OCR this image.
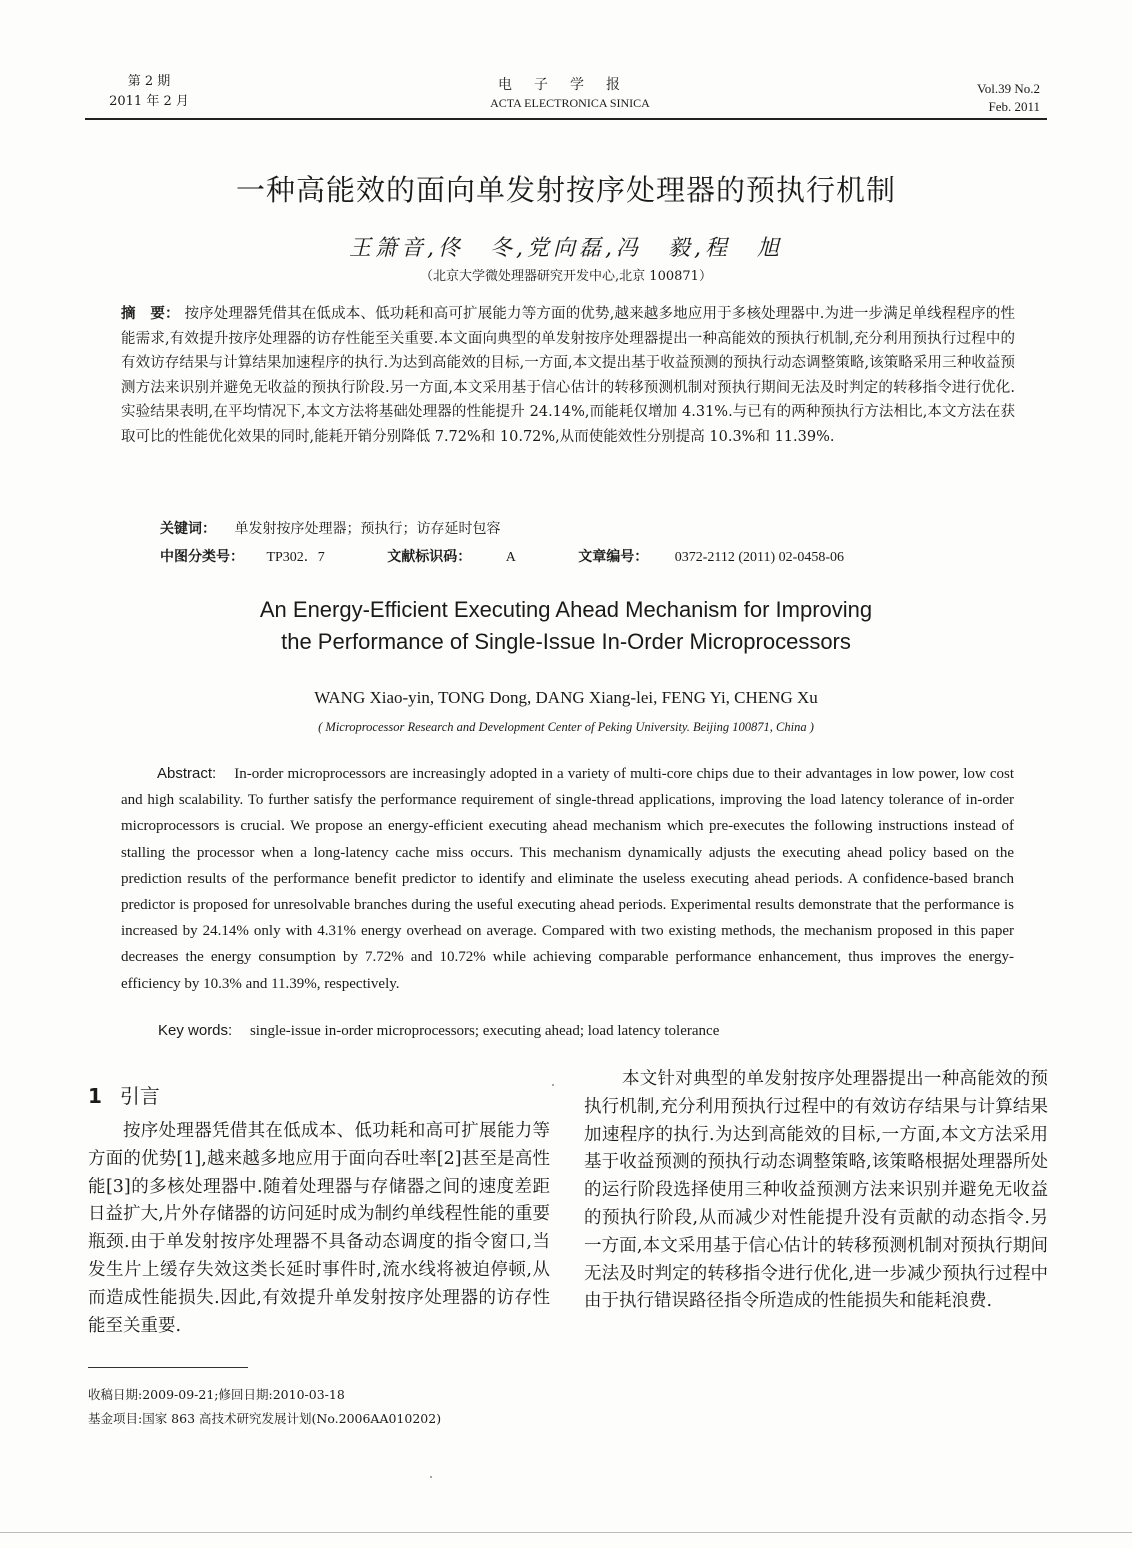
第 2 期
2011 年 2 月
电子学报
ACTA ELECTRONICA SINICA
Vol.39 No.2
Feb. 2011
一种高能效的面向单发射按序处理器的预执行机制
王箫音,佟　冬,党向磊,冯　毅,程　旭
（北京大学微处理器研究开发中心,北京 100871）
摘　要： 按序处理器凭借其在低成本、低功耗和高可扩展能力等方面的优势,越来越多地应用于多核处理器中.为进一步满足单线程程序的性能需求,有效提升按序处理器的访存性能至关重要.本文面向典型的单发射按序处理器提出一种高能效的预执行机制,充分利用预执行过程中的有效访存结果与计算结果加速程序的执行.为达到高能效的目标,一方面,本文提出基于收益预测的预执行动态调整策略,该策略采用三种收益预测方法来识别并避免无收益的预执行阶段.另一方面,本文采用基于信心估计的转移预测机制对预执行期间无法及时判定的转移指令进行优化.实验结果表明,在平均情况下,本文方法将基础处理器的性能提升 24.14%,而能耗仅增加 4.31%.与已有的两种预执行方法相比,本文方法在获取可比的性能优化效果的同时,能耗开销分别降低 7.72%和 10.72%,从而使能效性分别提高 10.3%和 11.39%.
关键词： 单发射按序处理器；预执行；访存延时包容
中图分类号： TP302．7	文献标识码： A	文章编号： 0372-2112 (2011) 02-0458-06
An Energy-Efficient Executing Ahead Mechanism for Improving
the Performance of Single-Issue In-Order Microprocessors
WANG Xiao-yin, TONG Dong, DANG Xiang-lei, FENG Yi, CHENG Xu
( Microprocessor Research and Development Center of Peking University. Beijing 100871, China )
Abstract: In-order microprocessors are increasingly adopted in a variety of multi-core chips due to their advantages in low power, low cost and high scalability. To further satisfy the performance requirement of single-thread applications, improving the load latency tolerance of in-order microprocessors is crucial. We propose an energy-efficient executing ahead mechanism which pre-executes the following instructions instead of stalling the processor when a long-latency cache miss occurs. This mechanism dynamically adjusts the executing ahead policy based on the prediction results of the performance benefit predictor to identify and eliminate the useless executing ahead periods. A confidence-based branch predictor is proposed for unresolvable branches during the useful executing ahead periods. Experimental results demonstrate that the performance is increased by 24.14% only with 4.31% energy overhead on average. Compared with two existing methods, the mechanism proposed in this paper decreases the energy consumption by 7.72% and 10.72% while achieving comparable performance enhancement, thus improves the energy-efficiency by 10.3% and 11.39%, respectively.
Key words: single-issue in-order microprocessors; executing ahead; load latency tolerance
1 引言
按序处理器凭借其在低成本、低功耗和高可扩展能力等方面的优势[1],越来越多地应用于面向吞吐率[2]甚至是高性能[3]的多核处理器中.随着处理器与存储器之间的速度差距日益扩大,片外存储器的访问延时成为制约单线程性能的重要瓶颈.由于单发射按序处理器不具备动态调度的指令窗口,当发生片上缓存失效这类长延时事件时,流水线将被迫停顿,从而造成性能损失.因此,有效提升单发射按序处理器的访存性能至关重要.
本文针对典型的单发射按序处理器提出一种高能效的预执行机制,充分利用预执行过程中的有效访存结果与计算结果加速程序的执行.为达到高能效的目标,一方面,本文方法采用基于收益预测的预执行动态调整策略,该策略根据处理器所处的运行阶段选择使用三种收益预测方法来识别并避免无收益的预执行阶段,从而减少对性能提升没有贡献的动态指令.另一方面,本文采用基于信心估计的转移预测机制对预执行期间无法及时判定的转移指令进行优化,进一步减少预执行过程中由于执行错误路径指令所造成的性能损失和能耗浪费.
收稿日期:2009-09-21;修回日期:2010-03-18
基金项目:国家 863 高技术研究发展计划(No.2006AA010202)
